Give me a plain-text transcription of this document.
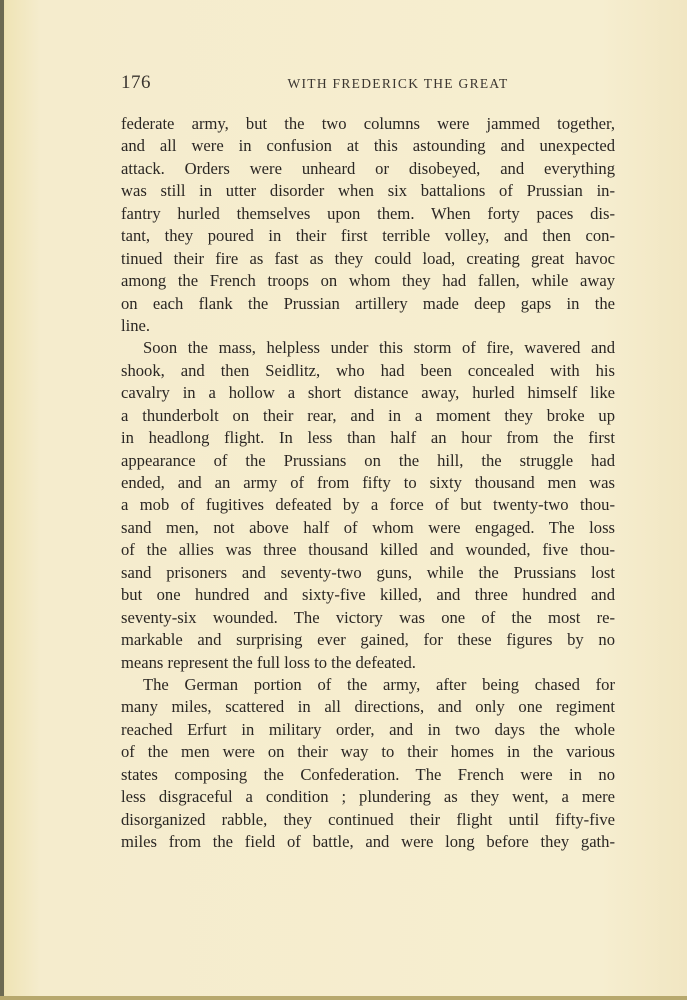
176	WITH FREDERICK THE GREAT
federate army, but the two columns were jammed together,
and all were in confusion at this astounding and unexpected
attack. Orders were unheard or disobeyed, and everything
was still in utter disorder when six battalions of Prussian in-
fantry hurled themselves upon them. When forty paces dis-
tant, they poured in their first terrible volley, and then con-
tinued their fire as fast as they could load, creating great havoc
among the French troops on whom they had fallen, while away
on each flank the Prussian artillery made deep gaps in the
line.
Soon the mass, helpless under this storm of fire, wavered and
shook, and then Seidlitz, who had been concealed with his
cavalry in a hollow a short distance away, hurled himself like
a thunderbolt on their rear, and in a moment they broke up
in headlong flight. In less than half an hour from the first
appearance of the Prussians on the hill, the struggle had
ended, and an army of from fifty to sixty thousand men was
a mob of fugitives defeated by a force of but twenty-two thou-
sand men, not above half of whom were engaged. The loss
of the allies was three thousand killed and wounded, five thou-
sand prisoners and seventy-two guns, while the Prussians lost
but one hundred and sixty-five killed, and three hundred and
seventy-six wounded. The victory was one of the most re-
markable and surprising ever gained, for these figures by no
means represent the full loss to the defeated.
The German portion of the army, after being chased for
many miles, scattered in all directions, and only one regiment
reached Erfurt in military order, and in two days the whole
of the men were on their way to their homes in the various
states composing the Confederation. The French were in no
less disgraceful a condition ; plundering as they went, a mere
disorganized rabble, they continued their flight until fifty-five
miles from the field of battle, and were long before they gath-
